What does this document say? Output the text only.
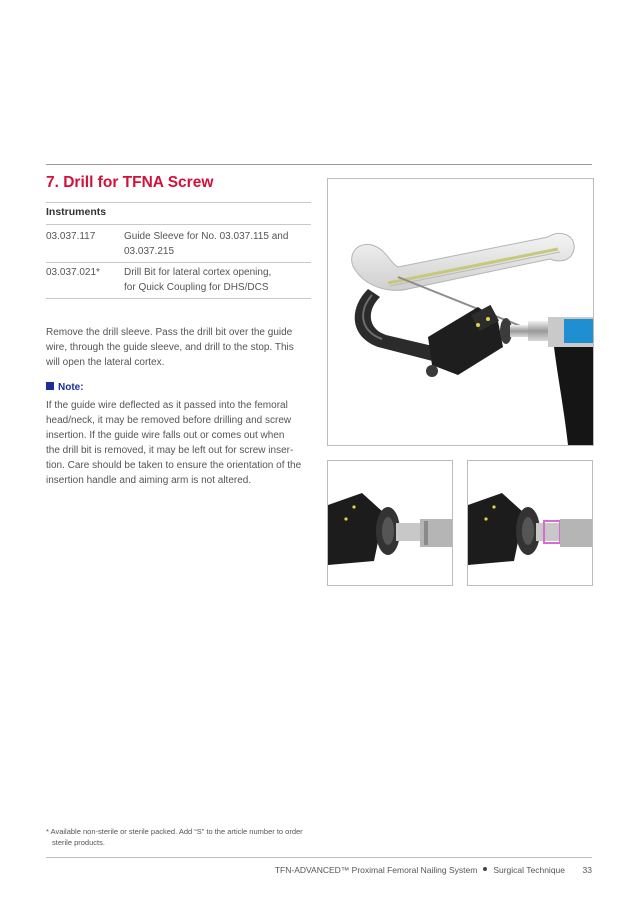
7. Drill for TFNA Screw
Instruments
03.037.117	Guide Sleeve for No. 03.037.115 and
03.037.215
03.037.021* Drill Bit for lateral cortex opening,
for Quick Coupling for DHS/DCS
Remove the drill sleeve. Pass the drill bit over the guide
wire, through the guide sleeve, and drill to the stop. This
will open the lateral cortex.
Note:
If the guide wire deflected as it passed into the femoral
head/neck, it may be removed before drilling and screw
insertion. If the guide wire falls out or comes out when
the drill bit is removed, it may be left out for screw inser-
tion. Care should be taken to ensure the orientation of the
insertion handle and aiming arm is not altered.
* Available non-sterile or sterile packed. Add “S” to the article number to order
sterile products.
TFN-ADVANCED™ Proximal Femoral Nailing System Surgical Technique 33
